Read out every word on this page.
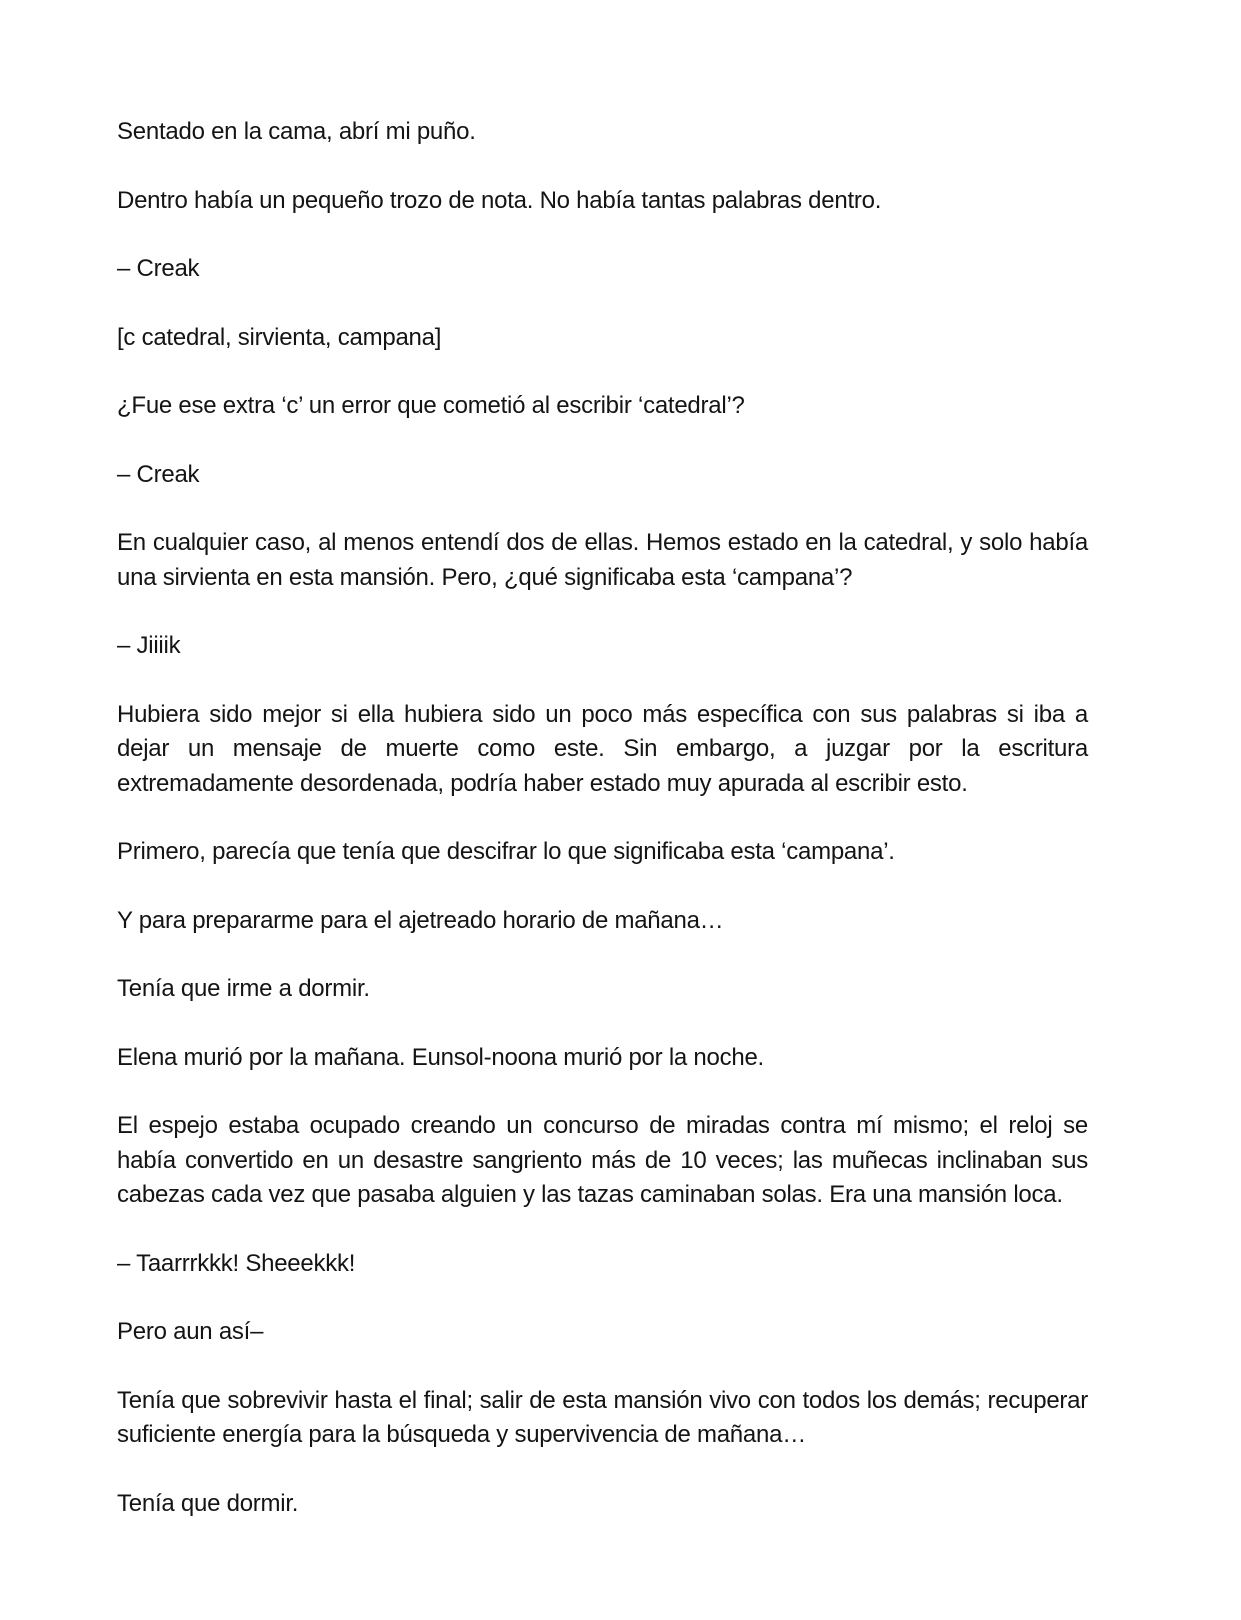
Sentado en la cama, abrí mi puño.

Dentro había un pequeño trozo de nota. No había tantas palabras dentro.

– Creak

[c catedral, sirvienta, campana]

¿Fue ese extra ‘c’ un error que cometió al escribir ‘catedral’?

– Creak

En cualquier caso, al menos entendí dos de ellas. Hemos estado en la catedral, y solo había una sirvienta en esta mansión. Pero, ¿qué significaba esta ‘campana’?

– Jiiiik

Hubiera sido mejor si ella hubiera sido un poco más específica con sus palabras si iba a dejar un mensaje de muerte como este. Sin embargo, a juzgar por la escritura extremadamente desordenada, podría haber estado muy apurada al escribir esto.

Primero, parecía que tenía que descifrar lo que significaba esta ‘campana’.

Y para prepararme para el ajetreado horario de mañana…

Tenía que irme a dormir.

Elena murió por la mañana. Eunsol-noona murió por la noche.

El espejo estaba ocupado creando un concurso de miradas contra mí mismo; el reloj se había convertido en un desastre sangriento más de 10 veces; las muñecas inclinaban sus cabezas cada vez que pasaba alguien y las tazas caminaban solas. Era una mansión loca.

– Taarrrkkk! Sheeekkk!

Pero aun así–

Tenía que sobrevivir hasta el final; salir de esta mansión vivo con todos los demás; recuperar suficiente energía para la búsqueda y supervivencia de mañana…

Tenía que dormir.
